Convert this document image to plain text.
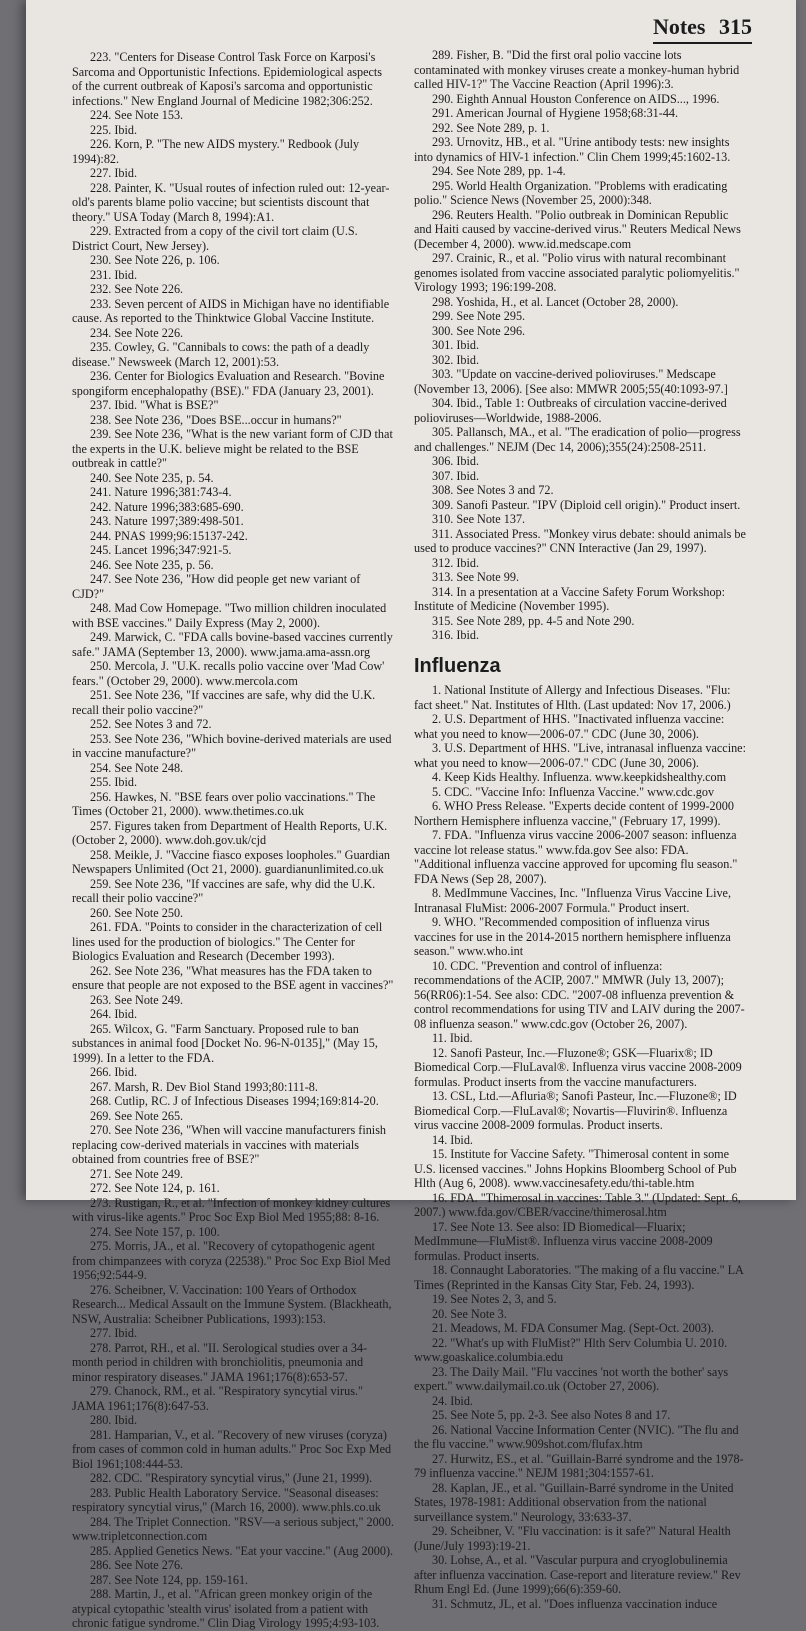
Notes 315

223. "Centers for Disease Control Task Force on Karposi's Sarcoma and Opportunistic Infections. Epidemiological aspects of the current outbreak of Kaposi's sarcoma and opportunistic infections." New England Journal of Medicine 1982;306:252.

224. See Note 153.

225. Ibid.

226. Korn, P. "The new AIDS mystery." Redbook (July 1994):82.

227. Ibid.

228. Painter, K. "Usual routes of infection ruled out: 12-year-old's parents blame polio vaccine; but scientists discount that theory." USA Today (March 8, 1994):A1.

229. Extracted from a copy of the civil tort claim (U.S. District Court, New Jersey).

230. See Note 226, p. 106.

231. Ibid.

232. See Note 226.

233. Seven percent of AIDS in Michigan have no identifiable cause. As reported to the Thinktwice Global Vaccine Institute.

234. See Note 226.

235. Cowley, G. "Cannibals to cows: the path of a deadly disease." Newsweek (March 12, 2001):53.

236. Center for Biologics Evaluation and Research. "Bovine spongiform encephalopathy (BSE)." FDA (January 23, 2001).

237. Ibid. "What is BSE?"

238. See Note 236, "Does BSE...occur in humans?"

239. See Note 236, "What is the new variant form of CJD that the experts in the U.K. believe might be related to the BSE outbreak in cattle?"

240. See Note 235, p. 54.

241. Nature 1996;381:743-4.

242. Nature 1996;383:685-690.

243. Nature 1997;389:498-501.

244. PNAS 1999;96:15137-242.

245. Lancet 1996;347:921-5.

246. See Note 235, p. 56.

247. See Note 236, "How did people get new variant of CJD?"

248. Mad Cow Homepage. "Two million children inoculated with BSE vaccines." Daily Express (May 2, 2000).

249. Marwick, C. "FDA calls bovine-based vaccines currently safe." JAMA (September 13, 2000). www.jama.ama-assn.org

250. Mercola, J. "U.K. recalls polio vaccine over 'Mad Cow' fears." (October 29, 2000). www.mercola.com

251. See Note 236, "If vaccines are safe, why did the U.K. recall their polio vaccine?"

252. See Notes 3 and 72.

253. See Note 236, "Which bovine-derived materials are used in vaccine manufacture?"

254. See Note 248.

255. Ibid.

256. Hawkes, N. "BSE fears over polio vaccinations." The Times (October 21, 2000). www.thetimes.co.uk

257. Figures taken from Department of Health Reports, U.K. (October 2, 2000). www.doh.gov.uk/cjd

258. Meikle, J. "Vaccine fiasco exposes loopholes." Guardian Newspapers Unlimited (Oct 21, 2000). guardianunlimited.co.uk

259. See Note 236, "If vaccines are safe, why did the U.K. recall their polio vaccine?"

260. See Note 250.

261. FDA. "Points to consider in the characterization of cell lines used for the production of biologics." The Center for Biologics Evaluation and Research (December 1993).

262. See Note 236, "What measures has the FDA taken to ensure that people are not exposed to the BSE agent in vaccines?"

263. See Note 249.

264. Ibid.

265. Wilcox, G. "Farm Sanctuary. Proposed rule to ban substances in animal food [Docket No. 96-N-0135]," (May 15, 1999). In a letter to the FDA.

266. Ibid.

267. Marsh, R. Dev Biol Stand 1993;80:111-8.

268. Cutlip, RC. J of Infectious Diseases 1994;169:814-20.

269. See Note 265.

270. See Note 236, "When will vaccine manufacturers finish replacing cow-derived materials in vaccines with materials obtained from countries free of BSE?"

271. See Note 249.

272. See Note 124, p. 161.

273. Rustigan, R., et al. "Infection of monkey kidney cultures with virus-like agents." Proc Soc Exp Biol Med 1955;88: 8-16.

274. See Note 157, p. 100.

275. Morris, JA., et al. "Recovery of cytopathogenic agent from chimpanzees with coryza (22538)." Proc Soc Exp Biol Med 1956;92:544-9.

276. Scheibner, V. Vaccination: 100 Years of Orthodox Research... Medical Assault on the Immune System. (Blackheath, NSW, Australia: Scheibner Publications, 1993):153.

277. Ibid.

278. Parrot, RH., et al. "II. Serological studies over a 34-month period in children with bronchiolitis, pneumonia and minor respiratory diseases." JAMA 1961;176(8):653-57.

279. Chanock, RM., et al. "Respiratory syncytial virus." JAMA 1961;176(8):647-53.

280. Ibid.

281. Hamparian, V., et al. "Recovery of new viruses (coryza) from cases of common cold in human adults." Proc Soc Exp Med Biol 1961;108:444-53.

282. CDC. "Respiratory syncytial virus," (June 21, 1999).

283. Public Health Laboratory Service. "Seasonal diseases: respiratory syncytial virus," (March 16, 2000). www.phls.co.uk

284. The Triplet Connection. "RSV—a serious subject," 2000. www.tripletconnection.com

285. Applied Genetics News. "Eat your vaccine." (Aug 2000).

286. See Note 276.

287. See Note 124, pp. 159-161.

288. Martin, J., et al. "African green monkey origin of the atypical cytopathic 'stealth virus' isolated from a patient with chronic fatigue syndrome." Clin Diag Virology 1995;4:93-103.

289. Fisher, B. "Did the first oral polio vaccine lots contaminated with monkey viruses create a monkey-human hybrid called HIV-1?" The Vaccine Reaction (April 1996):3.

290. Eighth Annual Houston Conference on AIDS..., 1996.

291. American Journal of Hygiene 1958;68:31-44.

292. See Note 289, p. 1.

293. Urnovitz, HB., et al. "Urine antibody tests: new insights into dynamics of HIV-1 infection." Clin Chem 1999;45:1602-13.

294. See Note 289, pp. 1-4.

295. World Health Organization. "Problems with eradicating polio." Science News (November 25, 2000):348.

296. Reuters Health. "Polio outbreak in Dominican Republic and Haiti caused by vaccine-derived virus." Reuters Medical News (December 4, 2000). www.id.medscape.com

297. Crainic, R., et al. "Polio virus with natural recombinant genomes isolated from vaccine associated paralytic poliomyelitis." Virology 1993; 196:199-208.

298. Yoshida, H., et al. Lancet (October 28, 2000).

299. See Note 295.

300. See Note 296.

301. Ibid.

302. Ibid.

303. "Update on vaccine-derived polioviruses." Medscape (November 13, 2006). [See also: MMWR 2005;55(40:1093-97.]

304. Ibid., Table 1: Outbreaks of circulation vaccine-derived polioviruses—Worldwide, 1988-2006.

305. Pallansch, MA., et al. "The eradication of polio—progress and challenges." NEJM (Dec 14, 2006);355(24):2508-2511.

306. Ibid.

307. Ibid.

308. See Notes 3 and 72.

309. Sanofi Pasteur. "IPV (Diploid cell origin)." Product insert.

310. See Note 137.

311. Associated Press. "Monkey virus debate: should animals be used to produce vaccines?" CNN Interactive (Jan 29, 1997).

312. Ibid.

313. See Note 99.

314. In a presentation at a Vaccine Safety Forum Workshop: Institute of Medicine (November 1995).

315. See Note 289, pp. 4-5 and Note 290.

316. Ibid.

Influenza

1. National Institute of Allergy and Infectious Diseases. "Flu: fact sheet." Nat. Institutes of Hlth. (Last updated: Nov 17, 2006.)

2. U.S. Department of HHS. "Inactivated influenza vaccine: what you need to know—2006-07." CDC (June 30, 2006).

3. U.S. Department of HHS. "Live, intranasal influenza vaccine: what you need to know—2006-07." CDC (June 30, 2006).

4. Keep Kids Healthy. Influenza. www.keepkidshealthy.com

5. CDC. "Vaccine Info: Influenza Vaccine." www.cdc.gov

6. WHO Press Release. "Experts decide content of 1999-2000 Northern Hemisphere influenza vaccine," (February 17, 1999).

7. FDA. "Influenza virus vaccine 2006-2007 season: influenza vaccine lot release status." www.fda.gov See also: FDA. "Additional influenza vaccine approved for upcoming flu season." FDA News (Sep 28, 2007).

8. MedImmune Vaccines, Inc. "Influenza Virus Vaccine Live, Intranasal FluMist: 2006-2007 Formula." Product insert.

9. WHO. "Recommended composition of influenza virus vaccines for use in the 2014-2015 northern hemisphere influenza season." www.who.int

10. CDC. "Prevention and control of influenza: recommendations of the ACIP, 2007." MMWR (July 13, 2007); 56(RR06):1-54. See also: CDC. "2007-08 influenza prevention & control recommendations for using TIV and LAIV during the 2007-08 influenza season." www.cdc.gov (October 26, 2007).

11. Ibid.

12. Sanofi Pasteur, Inc.—Fluzone®; GSK—Fluarix®; ID Biomedical Corp.—FluLaval®. Influenza virus vaccine 2008-2009 formulas. Product inserts from the vaccine manufacturers.

13. CSL, Ltd.—Afluria®; Sanofi Pasteur, Inc.—Fluzone®; ID Biomedical Corp.—FluLaval®; Novartis—Fluvirin®. Influenza virus vaccine 2008-2009 formulas. Product inserts.

14. Ibid.

15. Institute for Vaccine Safety. "Thimerosal content in some U.S. licensed vaccines." Johns Hopkins Bloomberg School of Pub Hlth (Aug 6, 2008). www.vaccinesafety.edu/thi-table.htm

16. FDA. "Thimerosal in vaccines: Table 3." (Updated: Sept. 6, 2007.) www.fda.gov/CBER/vaccine/thimerosal.htm

17. See Note 13. See also: ID Biomedical—Fluarix; MedImmune—FluMist®. Influenza virus vaccine 2008-2009 formulas. Product inserts.

18. Connaught Laboratories. "The making of a flu vaccine." LA Times (Reprinted in the Kansas City Star, Feb. 24, 1993).

19. See Notes 2, 3, and 5.

20. See Note 3.

21. Meadows, M. FDA Consumer Mag. (Sept-Oct. 2003).

22. "What's up with FluMist?" Hlth Serv Columbia U. 2010. www.goaskalice.columbia.edu

23. The Daily Mail. "Flu vaccines 'not worth the bother' says expert." www.dailymail.co.uk (October 27, 2006).

24. Ibid.

25. See Note 5, pp. 2-3. See also Notes 8 and 17.

26. National Vaccine Information Center (NVIC). "The flu and the flu vaccine." www.909shot.com/flufax.htm

27. Hurwitz, ES., et al. "Guillain-Barré syndrome and the 1978-79 influenza vaccine." NEJM 1981;304:1557-61.

28. Kaplan, JE., et al. "Guillain-Barré syndrome in the United States, 1978-1981: Additional observation from the national surveillance system." Neurology, 33:633-37.

29. Scheibner, V. "Flu vaccination: is it safe?" Natural Health (June/July 1993):19-21.

30. Lohse, A., et al. "Vascular purpura and cryoglobulinemia after influenza vaccination. Case-report and literature review." Rev Rhum Engl Ed. (June 1999);66(6):359-60.

31. Schmutz, JL, et al. "Does influenza vaccination induce
